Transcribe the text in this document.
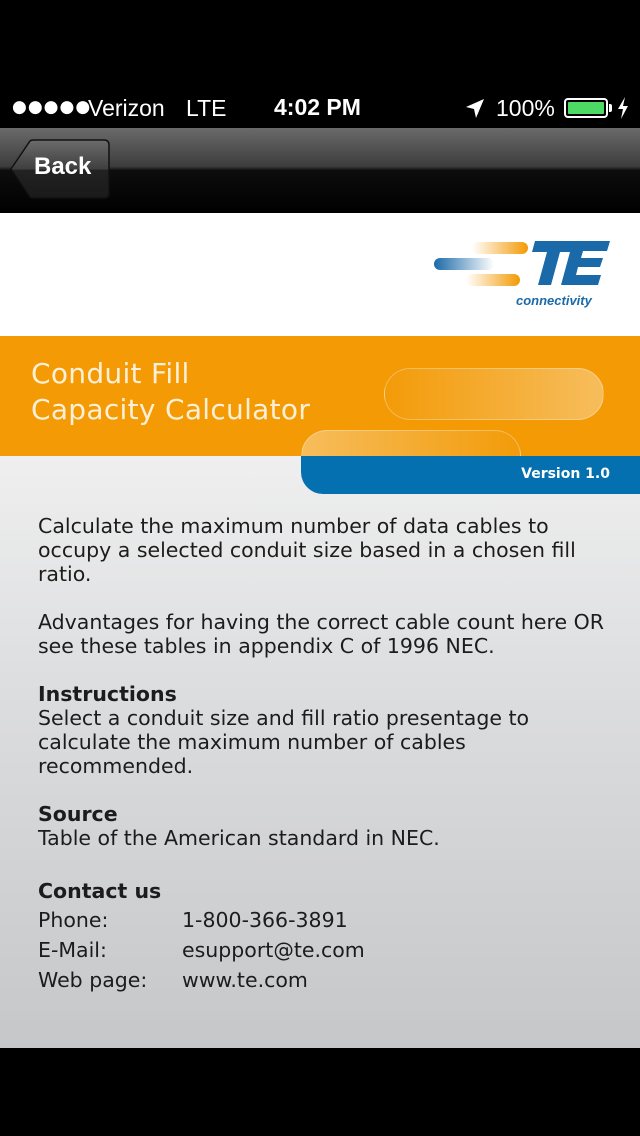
●●●●●
Verizon LTE 4:02 PM	100%
Back
connectivity
Conduit Fill
Capacity Calculator
Version 1.0
Calculate the maximum number of data cables to occupy a selected conduit size based in a chosen fill ratio.
Advantages for having the correct cable count here OR see these tables in appendix C of 1996 NEC.
Instructions
Select a conduit size and fill ratio presentage to calculate the maximum number of cables recommended.
Source
Table of the American standard in NEC.
Contact us
Phone:	1-800-366-3891
E-Mail:	esupport@te.com
Web page: www.te.com
